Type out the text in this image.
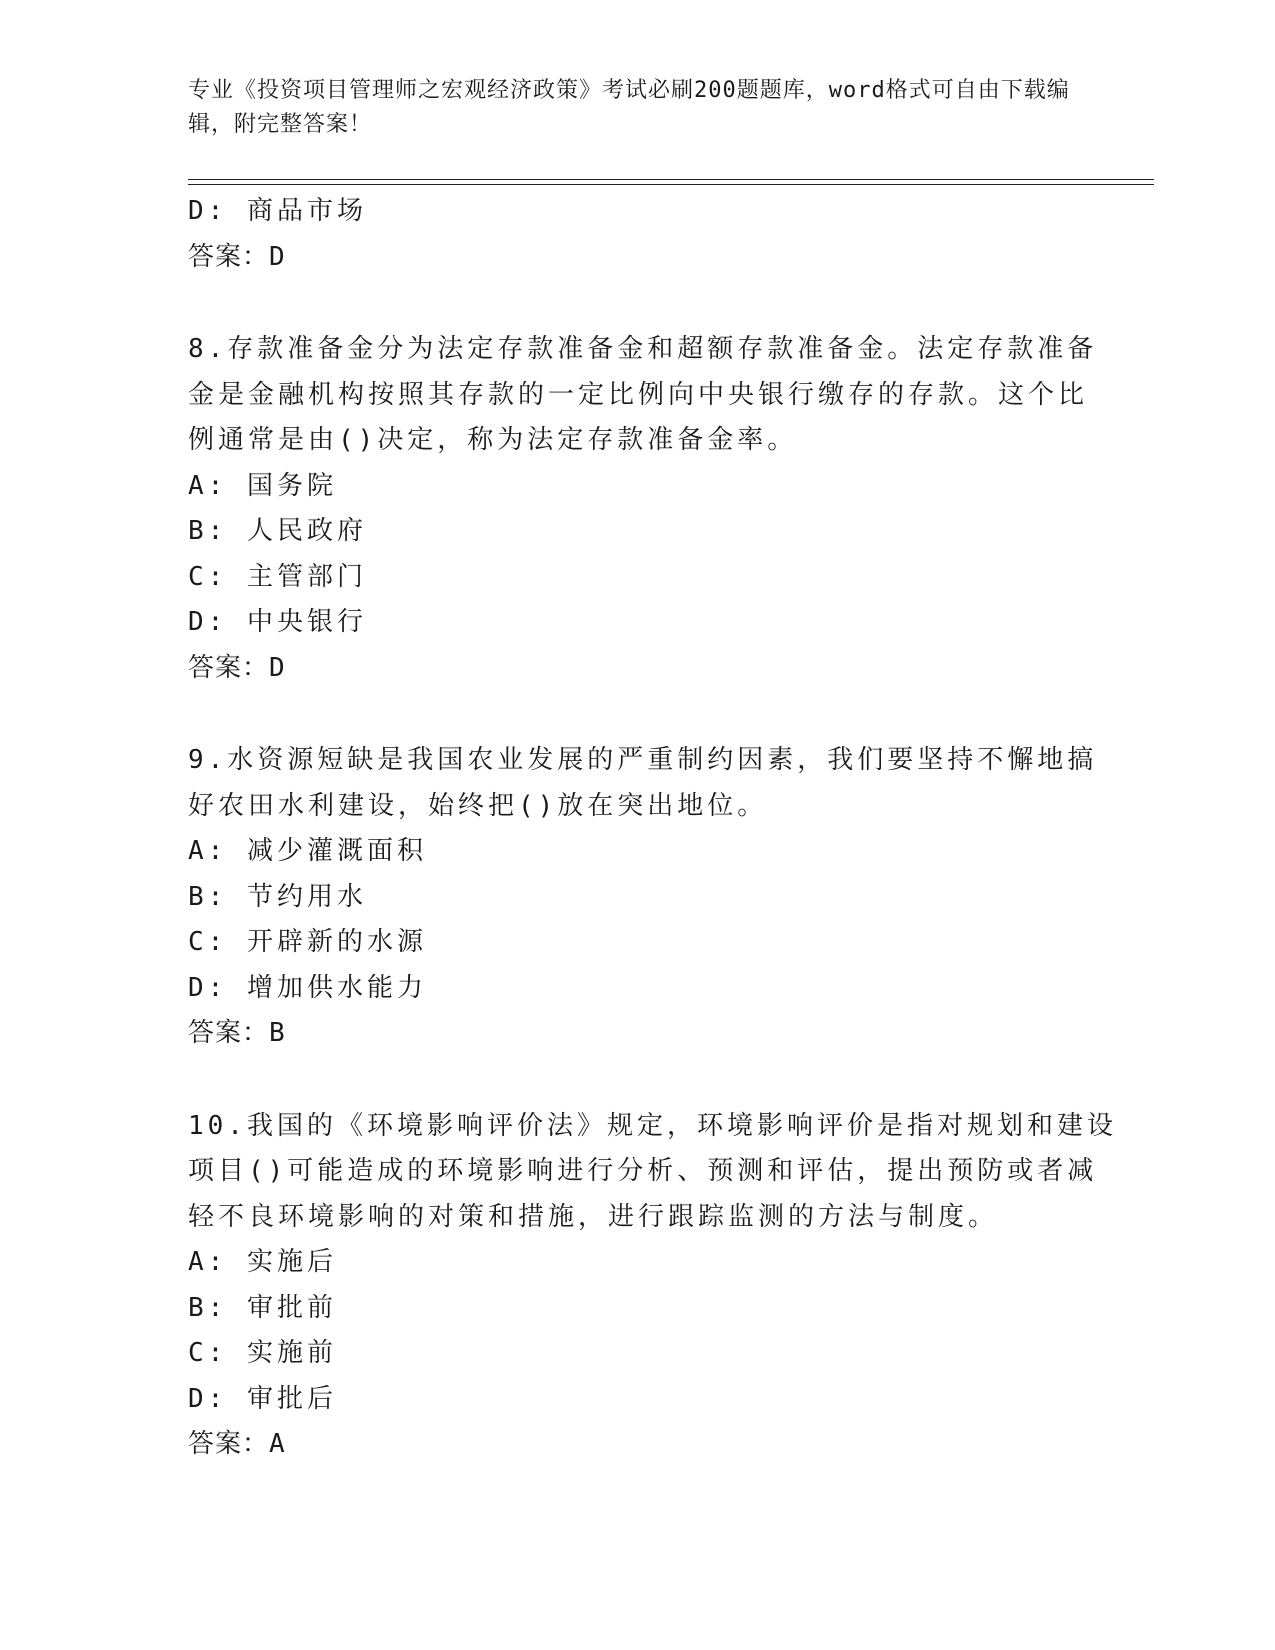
专业《投资项目管理师之宏观经济政策》考试必刷200题题库，word格式可自由下载编辑，附完整答案！
D: 商品市场
答案：D
8.存款准备金分为法定存款准备金和超额存款准备金。法定存款准备
金是金融机构按照其存款的一定比例向中央银行缴存的存款。这个比
例通常是由()决定，称为法定存款准备金率。
A: 国务院
B: 人民政府
C: 主管部门
D: 中央银行
答案：D
9.水资源短缺是我国农业发展的严重制约因素，我们要坚持不懈地搞
好农田水利建设，始终把()放在突出地位。
A: 减少灌溉面积
B: 节约用水
C: 开辟新的水源
D: 增加供水能力
答案：B
10.我国的《环境影响评价法》规定，环境影响评价是指对规划和建设
项目()可能造成的环境影响进行分析、预测和评估，提出预防或者减
轻不良环境影响的对策和措施，进行跟踪监测的方法与制度。
A: 实施后
B: 审批前
C: 实施前
D: 审批后
答案：A
